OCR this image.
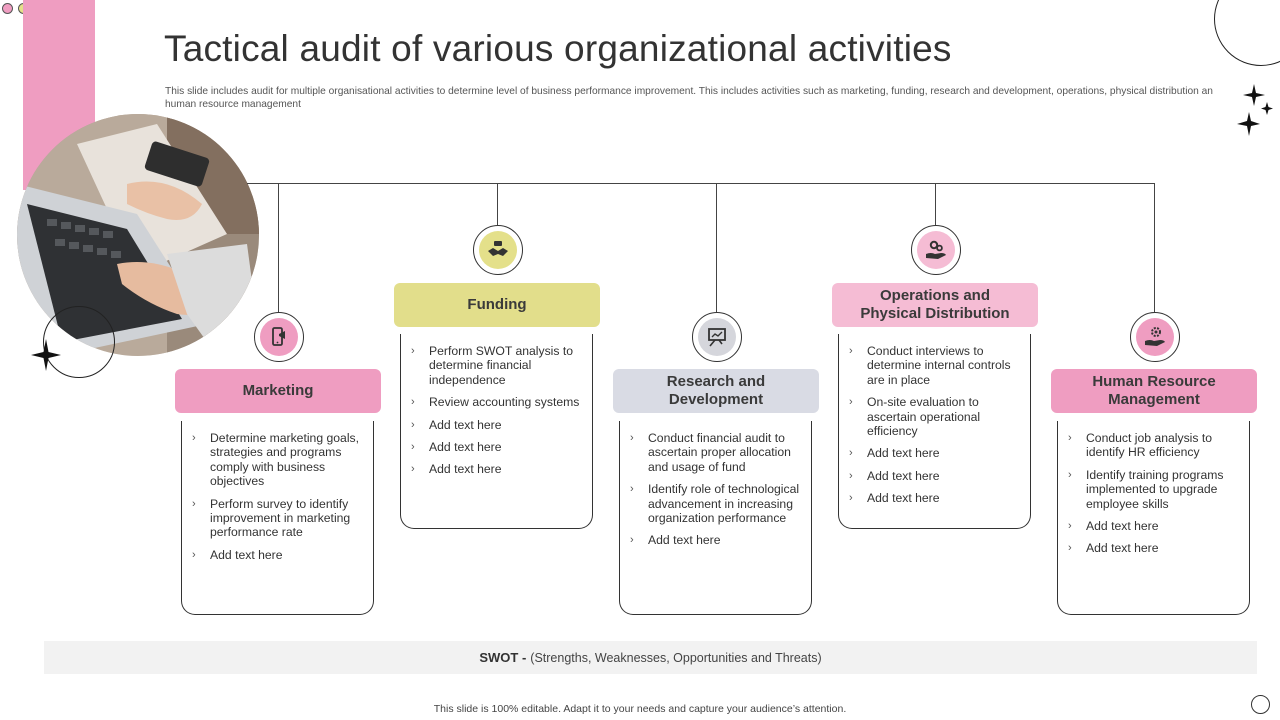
Tactical audit of various organizational activities
This slide includes audit for multiple organisational activities to determine level of business performance improvement. This includes activities such as marketing, funding, research and development, operations, physical distribution an human resource management
Marketing
Funding
Research and Development
Operations and Physical Distribution
Human Resource Management
› Determine marketing goals, strategies and programs comply with business objectives
› Perform survey to identify improvement in marketing performance rate
› Add text here
› Perform SWOT analysis to determine financial independence
› Review accounting systems
› Add text here
› Add text here
› Add text here
› Conduct financial audit to ascertain proper allocation and usage of fund
› Identify role of technological advancement in increasing organization performance
› Add text here
› Conduct interviews to determine internal controls are in place
› On-site evaluation to ascertain operational efficiency
› Add text here
› Add text here
› Add text here
› Conduct job analysis to identify HR efficiency
› Identify training programs implemented to upgrade employee skills
› Add text here
› Add text here
SWOT - (Strengths, Weaknesses, Opportunities and Threats)
This slide is 100% editable. Adapt it to your needs and capture your audience’s attention.
